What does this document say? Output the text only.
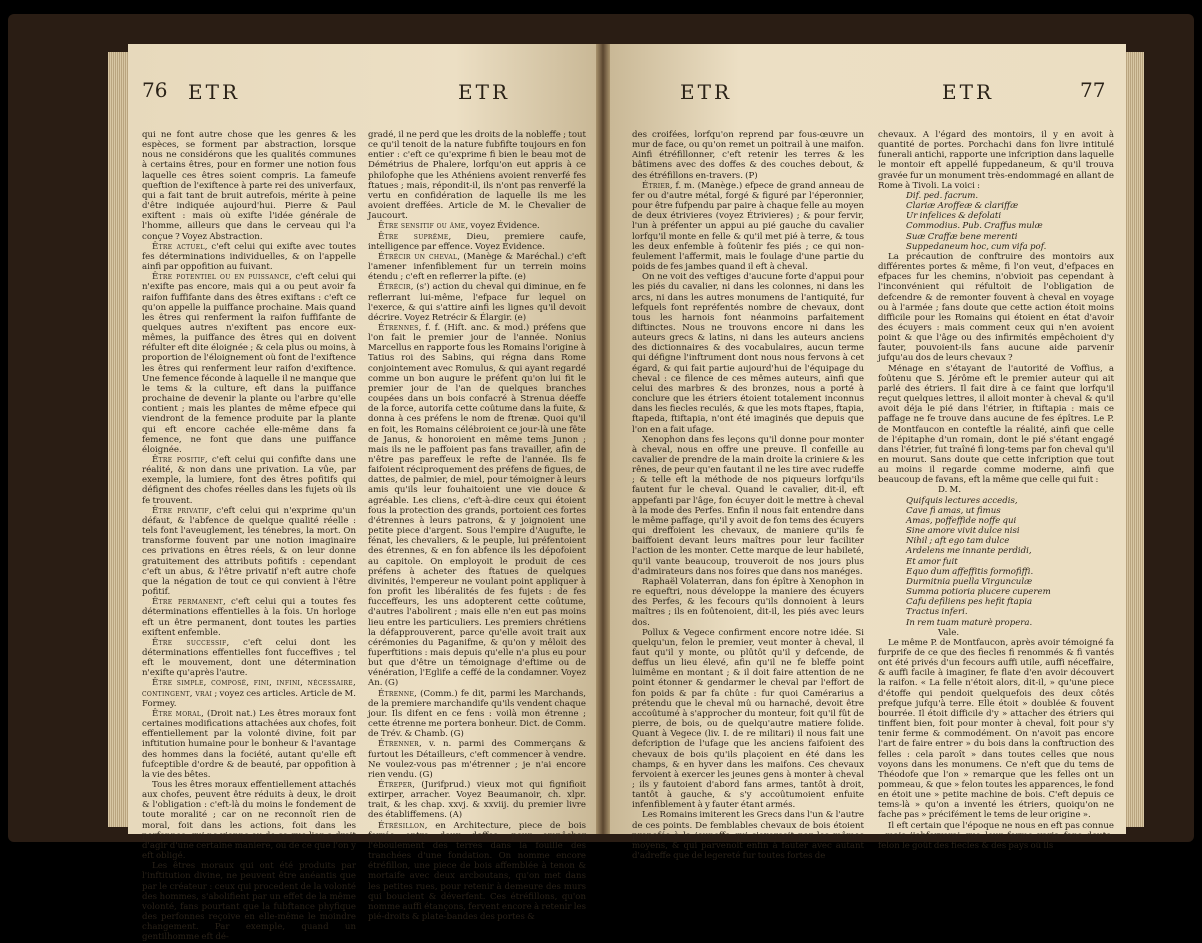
76 ETR	ETR

qui ne font autre chose que les genres & les espèces, se forment par abstraction, lorsque nous ne considérons que les qualités communes à certains êtres, pour en former une notion fous laquelle ces êtres soient compris. La fameufe queftion de l'exiftence à parte rei des univerfaux, qui a fait tant de bruit autrefois, mérite à peine d'être indiquée aujourd'hui. Pierre & Paul exiftent : mais où exifte l'idée générale de l'homme, ailleurs que dans le cerveau qui l'a conçue ? Voyez Abstraction.

Être actuel, c'eft celui qui exifte avec toutes fes déterminations individuelles, & on l'appelle ainfi par oppofition au fuivant.

Être potentiel ou en puissance, c'eft celui qui n'exifte pas encore, mais qui a ou peut avoir fa raifon fuffifante dans des êtres exiftans : c'eft ce qu'on appelle la puiffance prochaine. Mais quand les êtres qui renferment la raifon fuffifante de quelques autres n'exiftent pas encore eux-mêmes, la puiffance des êtres qui en doivent réfulter eft dite éloignée ; & cela plus ou moins, à proportion de l'éloignement où font de l'exiftence les êtres qui renferment leur raifon d'exiftence. Une femence féconde à laquelle il ne manque que le tems & la culture, eft dans la puiffance prochaine de devenir la plante ou l'arbre qu'elle contient ; mais les plantes de même efpece qui viendront de la femence produite par la plante qui eft encore cachée elle-même dans fa femence, ne font que dans une puiffance éloignée.

Être positif, c'eft celui qui confifte dans une réalité, & non dans une privation. La vûe, par exemple, la lumiere, font des êtres pofitifs qui défignent des chofes réelles dans les fujets où ils fe trouvent.

Être privatif, c'eft celui qui n'exprime qu'un défaut, & l'abfence de quelque qualité réelle : tels font l'aveuglement, les ténebres, la mort. On transforme fouvent par une notion imaginaire ces privations en êtres réels, & on leur donne gratuitement des attributs pofitifs : cependant c'eft un abus, & l'être privatif n'eft autre chofe que la négation de tout ce qui convient à l'être pofitif.

Être permanent, c'eft celui qui a toutes fes déterminations effentielles à la fois. Un horloge eft un être permanent, dont toutes les parties exiftent enfemble.

Être successif, c'eft celui dont les déterminations effentielles font fucceffives ; tel eft le mouvement, dont une détermination n'exifte qu'après l'autre.

Être simple, composé, fini, infini, nécessaire, contingent, vrai ; voyez ces articles. Article de M. Formey.

Être moral, (Droit nat.) Les êtres moraux font certaines modifications attachées aux chofes, foit effentiellement par la volonté divine, foit par inftitution humaine pour le bonheur & l'avantage des hommes dans la fociété, autant qu'elle eft fufceptible d'ordre & de beauté, par oppofition à la vie des bêtes.

Tous les êtres moraux effentiellement attachés aux chofes, peuvent être réduits à deux, le droit & l'obligation : c'eft-là du moins le fondement de toute moralité ; car on ne reconnoît rien de moral, foit dans les actions, foit dans les perfonnes, qui ne vienne ou de ce que l'on a droit d'agir d'une certaine maniere, ou de ce que l'on y eft obligé.

Les êtres moraux qui ont été produits par l'inftitution divine, ne peuvent être anéantis que par le créateur : ceux qui procedent de la volonté des hommes, s'abolifient par un effet de la même volonté, fans pourtant que la fubftance phyfique des perfonnes reçoive en elle-même le moindre changement. Par exemple, quand un gentilhomme eft dé-

gradé, il ne perd que les droits de la nobleffe ; tout ce qu'il tenoit de la nature fubfifte toujours en fon entier : c'eft ce qu'exprime fi bien le beau mot de Démétrius de Phalere, lorfqu'on eut appris à ce philofophe que les Athéniens avoient renverfé fes ftatues ; mais, répondit-il, ils n'ont pas renverfé la vertu en confidération de laquelle ils me les avoient dreffées. Article de M. le Chevalier de Jaucourt.

Être sensitif ou âme, voyez Évidence.

Être suprême, Dieu, premiere caufe, intelligence par effence. Voyez Évidence.

Étrécir un cheval, (Manège & Maréchal.) c'eft l'amener infenfiblement fur un terrein moins étendu ; c'eft en reflerrer la pifte. (e)

Étrécir, (s') action du cheval qui diminue, en fe reflerrant lui-même, l'efpace fur lequel on l'exerce, & qui s'attire ainfi les lignes qu'il devoit décrire. Voyez Retrécir & Élargir. (e)

Étrennes, f. f. (Hift. anc. & mod.) préfens que l'on fait le premier jour de l'année. Nonius Marcellus en rapporte fous les Romains l'origine à Tatius roi des Sabins, qui régna dans Rome conjointement avec Romulus, & qui ayant regardé comme un bon augure le préfent qu'on lui fit le premier jour de l'an de quelques branches coupées dans un bois confacré à Strenua déeffe de la force, autorifa cette coûtume dans la fuite, & donna à ces préfens le nom de ftrenæ. Quoi qu'il en foit, les Romains célébroient ce jour-là une fête de Janus, & honoroient en même tems Junon ; mais ils ne le paffoient pas fans travailler, afin de n'être pas pareffeux le refte de l'année. Ils fe faifoient réciproquement des préfens de figues, de dattes, de palmier, de miel, pour témoigner à leurs amis qu'ils leur fouhaitoient une vie douce & agréable. Les cliens, c'eft-à-dire ceux qui étoient fous la protection des grands, portoient ces fortes d'étrennes à leurs patrons, & y joignoient une petite piece d'argent. Sous l'empire d'Augufte, le fénat, les chevaliers, & le peuple, lui préfentoient des étrennes, & en fon abfence ils les dépofoient au capitole. On employoit le produit de ces préfens à acheter des ftatues de quelques divinités, l'empereur ne voulant point appliquer à fon profit les libéralités de fes fujets : de fes fucceffeurs, les uns adopterent cette coûtume, d'autres l'abolirent ; mais elle n'en eut pas moins lieu entre les particuliers. Les premiers chrétiens la défapprouverent, parce qu'elle avoit trait aux cérémonies du Paganifme, & qu'on y mêloit des fuperftitions : mais depuis qu'elle n'a plus eu pour but que d'être un témoignage d'eftime ou de vénération, l'Eglife a ceffé de la condamner. Voyez An. (G)

Étrenne, (Comm.) fe dit, parmi les Marchands, de la premiere marchandife qu'ils vendent chaque jour. Ils difent en ce fens : voilà mon étrenne ; cette étrenne me portera bonheur. Dict. de Comm. de Trév. & Chamb. (G)

Étrenner, v. n. parmi des Commerçans & furtout les Détailleurs, c'eft commencer à vendre. Ne voulez-vous pas m'étrenner ; je n'ai encore rien vendu. (G)

Étreper, (Jurifprud.) vieux mot qui fignifioit extirper, arracher. Voyez Beaumanoir, ch. xlpr. trait, & les chap. xxvj. & xxviij. du premier livre des établiffemens. (A)

Étrésillon, en Architecture, piece de bois ferrée entre deux doffes, pour empêcher l'éboulement des terres dans la fouille des tranchées d'une fondation. On nomme encore étréfillon, une piece de bois affemblée à tenon & mortaife avec deux arcboutans, qu'on met dans les petites rues, pour retenir à demeure des murs qui bouclent & déverfent. Ces étréfillons, qu'on nomme auffi étançons, fervent encore à retenir les pié-droits & plate-bandes des portes &

ETR	ETR	77

des croifées, lorfqu'on reprend par fous-œuvre un mur de face, ou qu'on remet un poitrail à une maifon. Ainfi étréfillonner, c'eft retenir les terres & les bâtimens avec des doffes & des couches debout, & des étréfillons en-travers. (P)

Étrier, f. m. (Manège.) efpece de grand anneau de fer ou d'autre métal, forgé & figuré par l'éperonnier, pour être fufpendu par paire à chaque felle au moyen de deux étrivieres (voyez Étrivieres) ; & pour fervir, l'un à préfenter un appui au pié gauche du cavalier lorfqu'il monte en felle & qu'il met pié à terre, & tous les deux enfemble à foûtenir fes piés ; ce qui non-feulement l'affermit, mais le foulage d'une partie du poids de fes jambes quand il eft à cheval.

On ne voit des veftiges d'aucune forte d'appui pour les piés du cavalier, ni dans les colonnes, ni dans les arcs, ni dans les autres monumens de l'antiquité, fur lefquels font repréfentés nombre de chevaux, dont tous les harnois font néanmoins parfaitement diftinctes. Nous ne trouvons encore ni dans les auteurs grecs & latins, ni dans les auteurs anciens des dictionnaires & des vocabulaires, aucun terme qui défigne l'inftrument dont nous nous fervons à cet égard, & qui fait partie aujourd'hui de l'équipage du cheval : ce filence de ces mêmes auteurs, ainfi que celui des marbres & des bronzes, nous a porté à conclure que les étriers étoient totalement inconnus dans les fiecles reculés, & que les mots ftapes, ftapia, ftapeda, ftiftapia, n'ont été imaginés que depuis que l'on en a fait ufage.

Xenophon dans fes leçons qu'il donne pour monter à cheval, nous en offre une preuve. Il confeille au cavalier de prendre de la main droite la criniere & les rênes, de peur qu'en fautant il ne les tire avec rudeffe ; & telle eft la méthode de nos piqueurs lorfqu'ils fautent fur le cheval. Quand le cavalier, dit-il, eft appefanti par l'âge, fon écuyer doit le mettre à cheval à la mode des Perfes. Enfin il nous fait entendre dans le même paffage, qu'il y avoit de fon tems des écuyers qui dreffoient les chevaux, de maniere qu'ils fe baiffoient devant leurs maîtres pour leur faciliter l'action de les monter. Cette marque de leur habileté, qu'il vante beaucoup, trouveroit de nos jours plus d'admirateurs dans nos foires que dans nos manéges.

Raphaël Volaterran, dans fon épître à Xenophon in re equeftri, nous développe la maniere des écuyers des Perfes, & les fecours qu'ils donnoient à leurs maîtres ; ils en foûtenoient, dit-il, les piés avec leurs dos.

Pollux & Vegece confirment encore notre idée. Si quelqu'un, felon le premier, veut monter à cheval, il faut qu'il y monte, ou plûtôt qu'il y defcende, de deffus un lieu élevé, afin qu'il ne fe bleffe point luimême en montant ; & il doit faire attention de ne point étonner & gendarmer le cheval par l'effort de fon poids & par fa chûte : fur quoi Camérarius a prétendu que le cheval mû ou harnaché, devoit être accoûtumé à s'approcher du monteur, foit qu'il fût de pierre, de bois, ou de quelqu'autre matiere folide. Quant à Vegece (liv. I. de re militari) il nous fait une defcription de l'ufage que les anciens faifoient des chevaux de bois qu'ils plaçoient en été dans les champs, & en hyver dans les maifons. Ces chevaux fervoient à exercer les jeunes gens à monter à cheval ; ils y fautoient d'abord fans armes, tantôt à droit, tantôt à gauche, & s'y accoûtumoient enfuite infenfiblement à y fauter étant armés.

Les Romains imiterent les Grecs dans l'un & l'autre de ces points. De femblables chevaux de bois étoient propofés à la jeuneffe qui s'exerçoit par les mêmes moyens, & qui parvenoit enfin à fauter avec autant d'adreffe que de legereté fur toutes fortes de

chevaux. A l'égard des montoirs, il y en avoit à quantité de portes. Porchachi dans fon livre intitulé funerali antichi, rapporte une infcription dans laquelle le montoir eft appellé fuppedaneum, & qu'il trouva gravée fur un monument très-endommagé en allant de Rome à Tivoli. La voici :

Dif. ped. facrum.

Clariæ Aroffeæ & clariffæ

Ur infelices & defolati

Commodius. Pub. Craffus mulæ

Suæ Craffæ bene merenti

Suppedaneum hoc, cum vifa pof.

La précaution de conftruire des montoirs aux différentes portes & même, fi l'on veut, d'efpaces en efpaces fur les chemins, n'obvioit pas cependant à l'inconvénient qui réfultoit de l'obligation de defcendre & de remonter fouvent à cheval en voyage ou à l'armée ; fans doute que cette action étoit moins difficile pour les Romains qui étoient en état d'avoir des écuyers : mais comment ceux qui n'en avoient point & que l'âge ou des infirmités empêchoient d'y fauter, pouvoient-ils fans aucune aide parvenir jufqu'au dos de leurs chevaux ?

Ménage en s'étayant de l'autorité de Voffius, a foûtenu que S. Jérôme eft le premier auteur qui ait parlé des étriers. Il fait dire à ce faint que lorfqu'il reçut quelques lettres, il alloit monter à cheval & qu'il avoit déja le pié dans l'étrier, in ftiftapia : mais ce paffage ne fe trouve dans aucune de fes épîtres. Le P. de Montfaucon en conteftle la réalité, ainfi que celle de l'épitaphe d'un romain, dont le pié s'étant engagé dans l'étrier, fut traîné fi long-tems par fon cheval qu'il en mourut. Sans doute que cette infcription que tout au moins il regarde comme moderne, ainfi que beaucoup de favans, eft la même que celle qui fuit :

D. M.

Quifquis lectures accedis,

Cave fi amas, ut fimus

Amas, poffeffide noffe qui

Sine amore vivit dulce nisi

Nihil ; aft ego tam dulce

Ardelens me innante perdidi,

Et amor fuit

Equo dum affeffitis formofiffi.

Durmitnia puella Virgunculæ

Summa potioria plucere cuperem

Cafu defiliens pes hefit ftapia

Tractus inferi.

In rem tuam maturè propera.

Vale.

Le même P. de Montfaucon, après avoir témoigné fa furprife de ce que des fiecles fi renommés & fi vantés ont été privés d'un fecours auffi utile, auffi néceffaire, & auffi facile à imaginer, fe flate d'en avoir découvert la raifon. « La felle n'étoit alors, dit-il, » qu'une piece d'étoffe qui pendoit quelquefois des deux côtés prefque jufqu'à terre. Elle étoit » doublée & fouvent bourrée. Il étoit difficile d'y » attacher des étriers qui tinffent bien, foit pour monter à cheval, foit pour s'y tenir ferme & commodément. On n'avoit pas encore l'art de faire entrer » du bois dans la conftruction des felles : cela paroît » dans toutes celles que nous voyons dans les monumens. Ce n'eft que du tems de Théodofe que l'on » remarque que les felles ont un pommeau, & que » felon toutes les apparences, le fond en étoit une » petite machine de bois. C'eft depuis ce tems-là » qu'on a inventé les étriers, quoiqu'on ne fache pas » précifément le tems de leur origine ».

Il eft certain que l'époque ne nous en eft pas connue ; mais j'obferverai que leur forme varia fans doute, felon le goût des fiecles & des pays où ils
